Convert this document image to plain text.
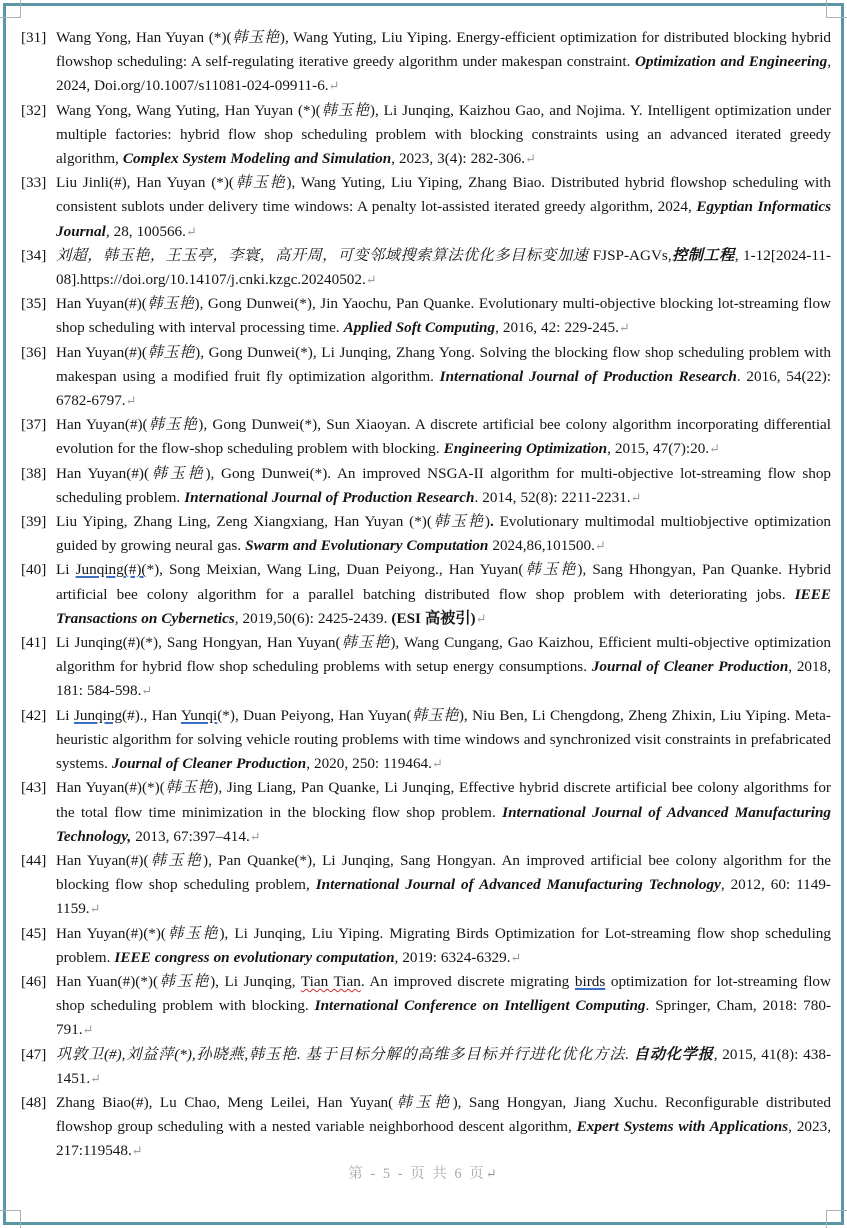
[31] Wang Yong, Han Yuyan (*)(韩玉艳), Wang Yuting, Liu Yiping. Energy-efficient optimization for distributed blocking hybrid flowshop scheduling: A self-regulating iterative greedy algorithm under makespan constraint. Optimization and Engineering, 2024, Doi.org/10.1007/s11081-024-09911-6.↵
[32] Wang Yong, Wang Yuting, Han Yuyan (*)(韩玉艳), Li Junqing, Kaizhou Gao, and Nojima. Y. Intelligent optimization under multiple factories: hybrid flow shop scheduling problem with blocking constraints using an advanced iterated greedy algorithm, Complex System Modeling and Simulation, 2023, 3(4): 282-306.↵
[33] Liu Jinli(#), Han Yuyan (*)(韩玉艳), Wang Yuting, Liu Yiping, Zhang Biao. Distributed hybrid flowshop scheduling with consistent sublots under delivery time windows: A penalty lot-assisted iterated greedy algorithm, 2024, Egyptian Informatics Journal, 28, 100566.↵
[34] 刘超，韩玉艳，王玉亭，李寰，高开周，可变邻域搜索算法优化多目标变加速 FJSP-AGVs,控制工程, 1-12[2024-11-08].https://doi.org/10.14107/j.cnki.kzgc.20240502.↵
[35] Han Yuyan(#)(韩玉艳), Gong Dunwei(*), Jin Yaochu, Pan Quanke. Evolutionary multi-objective blocking lot-streaming flow shop scheduling with interval processing time. Applied Soft Computing, 2016, 42: 229-245.↵
[36] Han Yuyan(#)(韩玉艳), Gong Dunwei(*), Li Junqing, Zhang Yong. Solving the blocking flow shop scheduling problem with makespan using a modified fruit fly optimization algorithm. International Journal of Production Research. 2016, 54(22): 6782-6797.↵
[37] Han Yuyan(#)(韩玉艳), Gong Dunwei(*), Sun Xiaoyan. A discrete artificial bee colony algorithm incorporating differential evolution for the flow-shop scheduling problem with blocking. Engineering Optimization, 2015, 47(7):20.↵
[38] Han Yuyan(#)(韩玉艳), Gong Dunwei(*). An improved NSGA-II algorithm for multi-objective lot-streaming flow shop scheduling problem. International Journal of Production Research. 2014, 52(8): 2211-2231.↵
[39] Liu Yiping, Zhang Ling, Zeng Xiangxiang, Han Yuyan (*)(韩玉艳). Evolutionary multimodal multiobjective optimization guided by growing neural gas. Swarm and Evolutionary Computation 2024,86,101500.↵
[40] Li Junqing(#)(*), Song Meixian, Wang Ling, Duan Peiyong., Han Yuyan(韩玉艳), Sang Hhongyan, Pan Quanke. Hybrid artificial bee colony algorithm for a parallel batching distributed flow shop problem with deteriorating jobs. IEEE Transactions on Cybernetics, 2019,50(6): 2425-2439. (ESI 高被引)↵
[41] Li Junqing(#)(*), Sang Hongyan, Han Yuyan(韩玉艳), Wang Cungang, Gao Kaizhou, Efficient multi-objective optimization algorithm for hybrid flow shop scheduling problems with setup energy consumptions. Journal of Cleaner Production, 2018, 181: 584-598.↵
[42] Li Junqing(#)., Han Yunqi(*), Duan Peiyong, Han Yuyan(韩玉艳), Niu Ben, Li Chengdong, Zheng Zhixin, Liu Yiping. Meta-heuristic algorithm for solving vehicle routing problems with time windows and synchronized visit constraints in prefabricated systems. Journal of Cleaner Production, 2020, 250: 119464.↵
[43] Han Yuyan(#)(*)(韩玉艳), Jing Liang, Pan Quanke, Li Junqing, Effective hybrid discrete artificial bee colony algorithms for the total flow time minimization in the blocking flow shop problem. International Journal of Advanced Manufacturing Technology, 2013, 67:397–414.↵
[44] Han Yuyan(#)(韩玉艳), Pan Quanke(*), Li Junqing, Sang Hongyan. An improved artificial bee colony algorithm for the blocking flow shop scheduling problem, International Journal of Advanced Manufacturing Technology, 2012, 60: 1149-1159.↵
[45] Han Yuyan(#)(*)(韩玉艳), Li Junqing, Liu Yiping. Migrating Birds Optimization for Lot-streaming flow shop scheduling problem. IEEE congress on evolutionary computation, 2019: 6324-6329.↵
[46] Han Yuan(#)(*)(韩玉艳), Li Junqing, Tian Tian. An improved discrete migrating birds optimization for lot-streaming flow shop scheduling problem with blocking. International Conference on Intelligent Computing. Springer, Cham, 2018: 780-791.↵
[47] 巩敦卫(#),刘益萍(*),孙晓燕,韩玉艳. 基于目标分解的高维多目标并行进化优化方法. 自动化学报, 2015, 41(8): 438-1451.↵
[48] Zhang Biao(#), Lu Chao, Meng Leilei, Han Yuyan(韩玉艳), Sang Hongyan, Jiang Xuchu. Reconfigurable distributed flowshop group scheduling with a nested variable neighborhood descent algorithm, Expert Systems with Applications, 2023, 217:119548.↵
第 - 5 - 页 共 6 页↵
